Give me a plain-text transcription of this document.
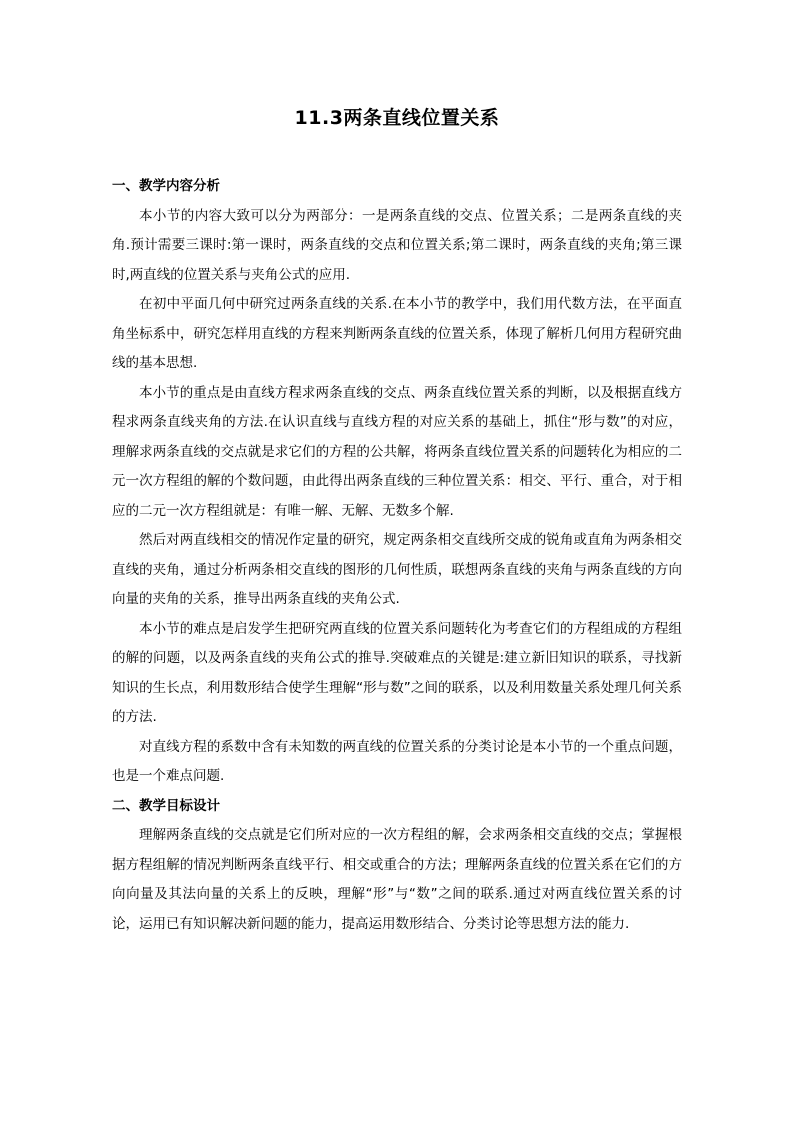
11.3两条直线位置关系

一、教学内容分析

本小节的内容大致可以分为两部分：一是两条直线的交点、位置关系；二是两条直线的夹角.预计需要三课时:第一课时，两条直线的交点和位置关系;第二课时，两条直线的夹角;第三课时,两直线的位置关系与夹角公式的应用.

在初中平面几何中研究过两条直线的关系.在本小节的教学中，我们用代数方法，在平面直角坐标系中，研究怎样用直线的方程来判断两条直线的位置关系，体现了解析几何用方程研究曲线的基本思想.

本小节的重点是由直线方程求两条直线的交点、两条直线位置关系的判断，以及根据直线方程求两条直线夹角的方法.在认识直线与直线方程的对应关系的基础上，抓住“形与数”的对应，理解求两条直线的交点就是求它们的方程的公共解，将两条直线位置关系的问题转化为相应的二元一次方程组的解的个数问题，由此得出两条直线的三种位置关系：相交、平行、重合，对于相应的二元一次方程组就是：有唯一解、无解、无数多个解.

然后对两直线相交的情况作定量的研究，规定两条相交直线所交成的锐角或直角为两条相交直线的夹角，通过分析两条相交直线的图形的几何性质，联想两条直线的夹角与两条直线的方向向量的夹角的关系，推导出两条直线的夹角公式.

本小节的难点是启发学生把研究两直线的位置关系问题转化为考查它们的方程组成的方程组的解的问题，以及两条直线的夹角公式的推导.突破难点的关键是:建立新旧知识的联系，寻找新知识的生长点，利用数形结合使学生理解“形与数”之间的联系，以及利用数量关系处理几何关系的方法.

对直线方程的系数中含有未知数的两直线的位置关系的分类讨论是本小节的一个重点问题，也是一个难点问题.

二、教学目标设计

理解两条直线的交点就是它们所对应的一次方程组的解，会求两条相交直线的交点；掌握根据方程组解的情况判断两条直线平行、相交或重合的方法；理解两条直线的位置关系在它们的方向向量及其法向量的关系上的反映，理解“形”与“数”之间的联系.通过对两直线位置关系的讨论，运用已有知识解决新问题的能力，提高运用数形结合、分类讨论等思想方法的能力.
